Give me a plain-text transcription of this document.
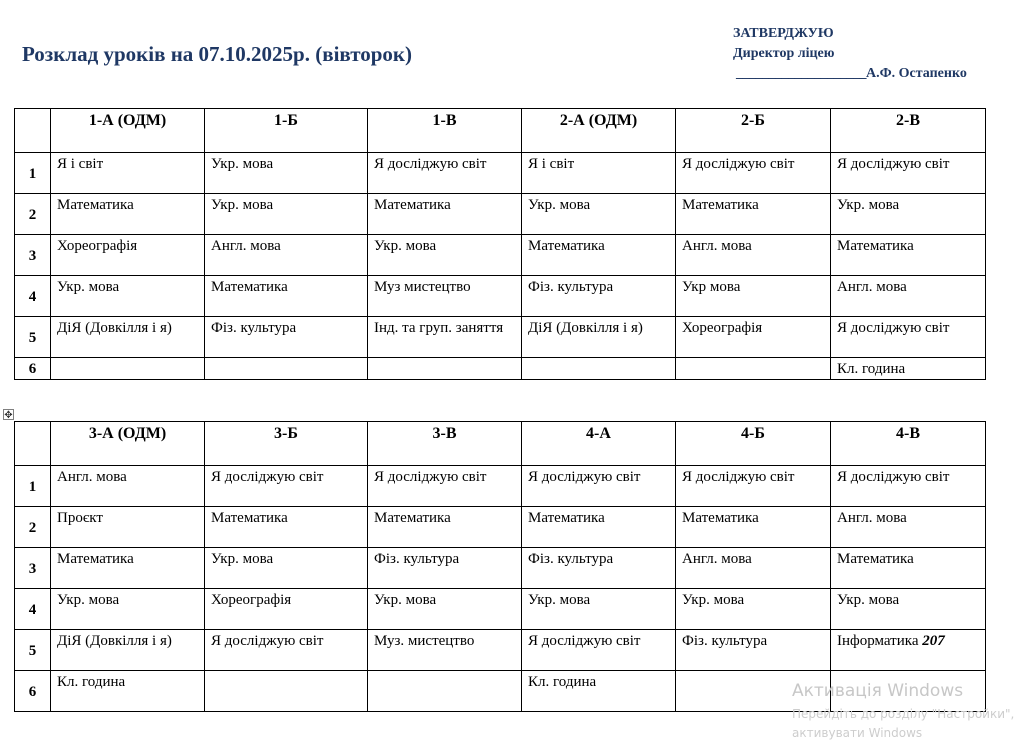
Розклад уроків на 07.10.2025р. (вівторок)
ЗАТВЕРДЖУЮ
Директор ліцею
____________________А.Ф. Остапенко
✥
	1-А (ОДМ)	1-Б	1-В	2-А (ОДМ)	2-Б	2-В
1	Я і світ	Укр. мова	Я досліджую світ	Я і світ	Я досліджую світ	Я досліджую світ
2	Математика	Укр. мова	Математика	Укр. мова	Математика	Укр. мова
3	Хореографія	Англ. мова	Укр. мова	Математика	Англ. мова	Математика
4	Укр. мова	Математика	Муз мистецтво	Фіз. культура	Укр мова	Англ. мова
5	ДіЯ (Довкілля і я)	Фіз. культура	Інд. та груп. заняття	ДіЯ (Довкілля і я)	Хореографія	Я досліджую світ
6						Кл. година
	3-А (ОДМ)	3-Б	3-В	4-А	4-Б	4-В
1	Англ. мова	Я досліджую світ	Я досліджую світ	Я досліджую світ	Я досліджую світ	Я досліджую світ
2	Проєкт	Математика	Математика	Математика	Математика	Англ. мова
3	Математика	Укр. мова	Фіз. культура	Фіз. культура	Англ. мова	Математика
4	Укр. мова	Хореографія	Укр. мова	Укр. мова	Укр. мова	Укр. мова
5	ДіЯ (Довкілля і я)	Я досліджую світ	Муз. мистецтво	Я досліджую світ	Фіз. культура	Інформатика 207
6	Кл. година			Кл. година			Активація Windows
Перейдіть до розділу "Настройки",
активувати Windows
